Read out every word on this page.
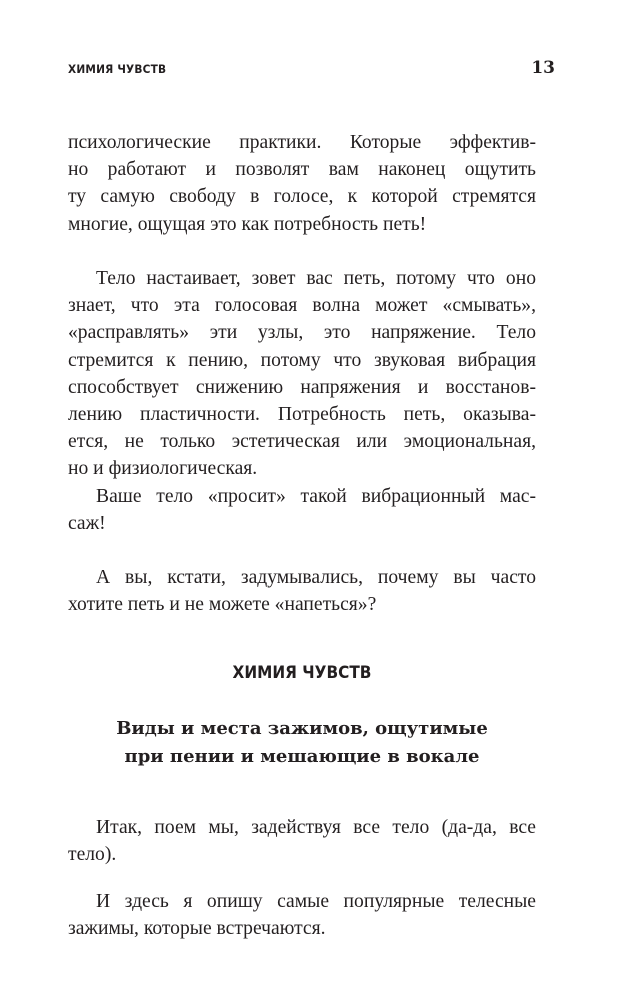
ХИМИЯ ЧУВСТВ	13

психологические практики. Которые эффектив-
но работают и позволят вам наконец ощутить
ту самую свободу в голосе, к которой стремятся
многие, ощущая это как потребность петь!

Тело настаивает, зовет вас петь, потому что оно
знает, что эта голосовая волна может «смывать»,
«расправлять» эти узлы, это напряжение. Тело
стремится к пению, потому что звуковая вибрация
способствует снижению напряжения и восстанов-
лению пластичности. Потребность петь, оказыва-
ется, не только эстетическая или эмоциональная,
но и физиологическая.

Ваше тело «просит» такой вибрационный мас-
саж!

А вы, кстати, задумывались, почему вы часто
хотите петь и не можете «напеться»?

ХИМИЯ ЧУВСТВ
Виды и места зажимов, ощутимые
при пении и мешающие в вокале

Итак, поем мы, задействуя все тело (да-да, все
тело).

И здесь я опишу самые популярные телесные
зажимы, которые встречаются.
